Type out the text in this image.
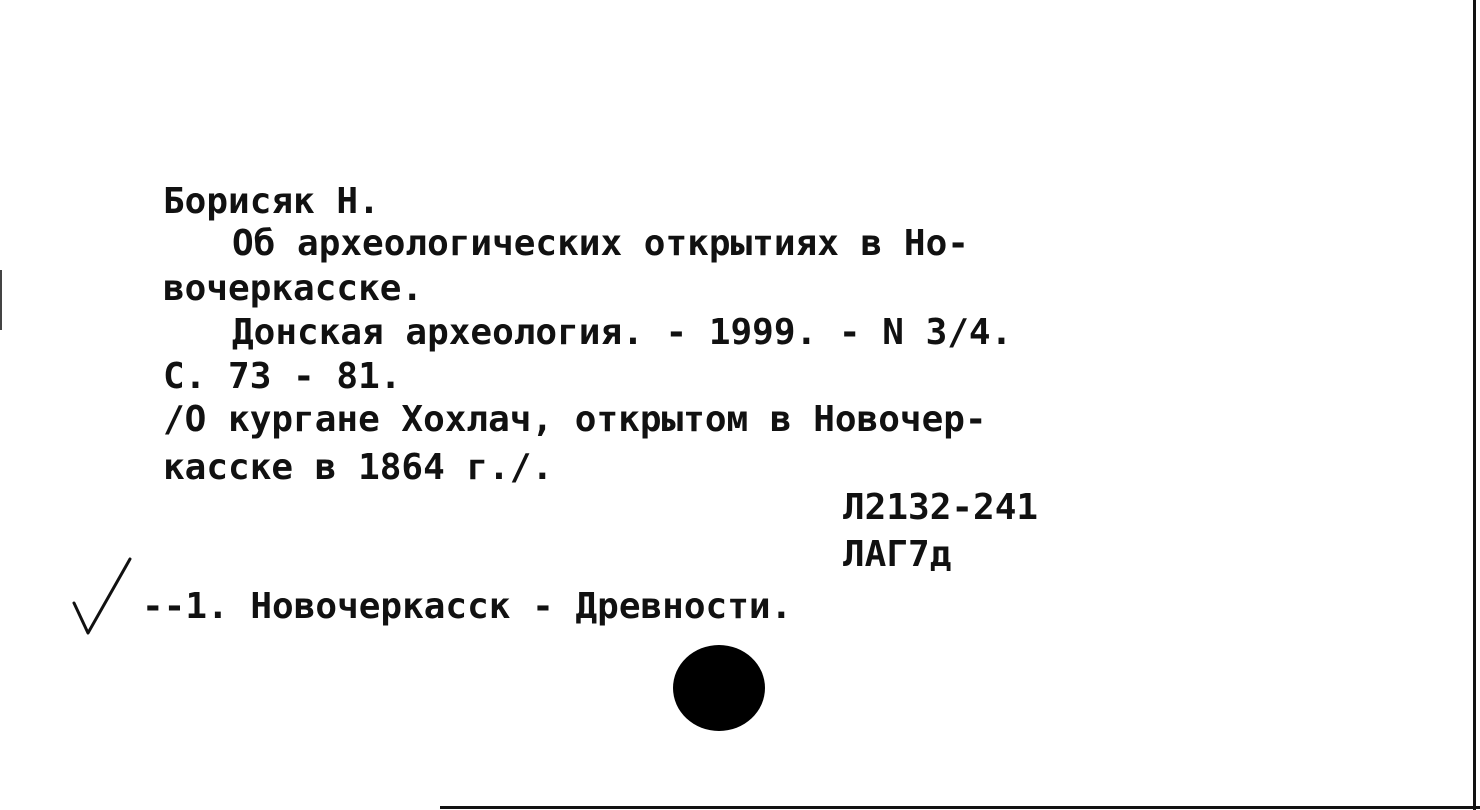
Борисяк Н.
Об археологических открытиях в Но-
вочеркасске.
Донская археология. - 1999. - N 3/4.
С. 73 - 81.
/О кургане Хохлач, открытом в Новочер-
касске в 1864 г./.
Л2132-241
ЛАГ7д
--1. Новочеркасск - Древности.
